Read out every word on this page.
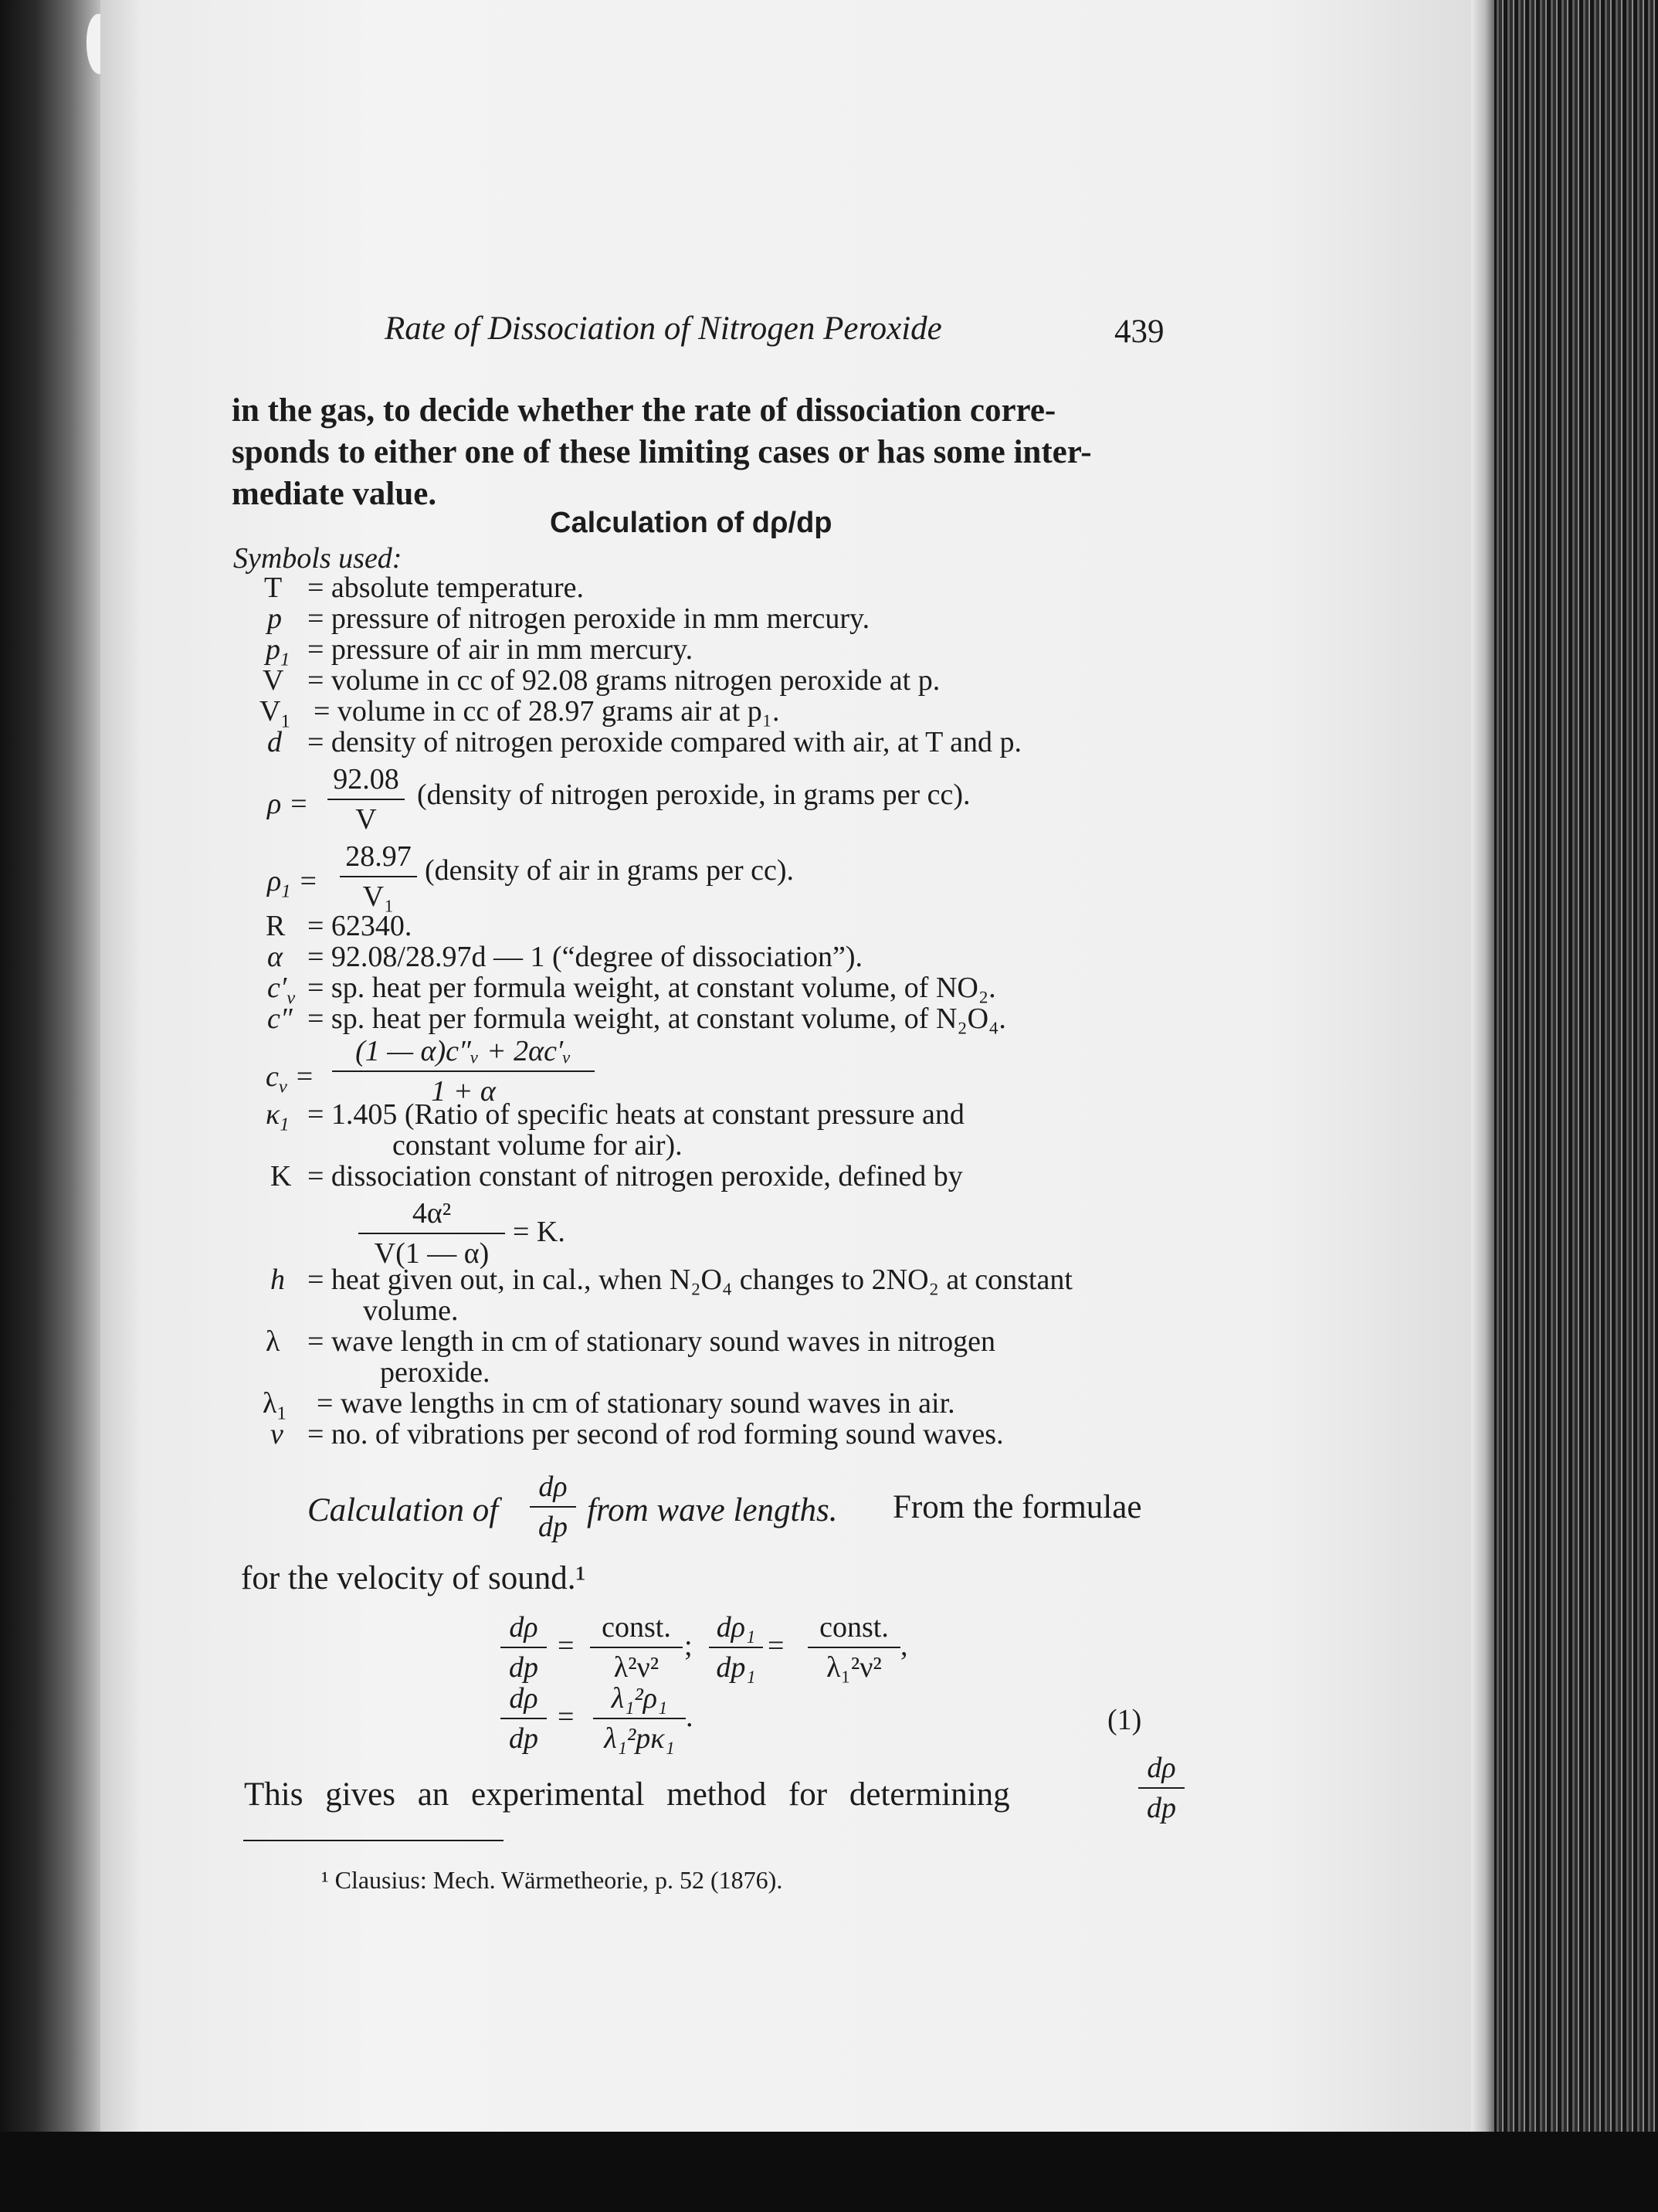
Rate of Dissociation of Nitrogen Peroxide	439
in the gas, to decide whether the rate of dissociation corre-
sponds to either one of these limiting cases or has some inter-
mediate value.
Calculation of dρ/dp
Symbols used:
T = absolute temperature.
p = pressure of nitrogen peroxide in mm mercury.
$p_1$ = pressure of air in mm mercury.
V = volume in cc of 92.08 grams nitrogen peroxide at p.
$V_1$ = volume in cc of 28.97 grams air at p₁.
d = density of nitrogen peroxide compared with air, at T and p.
ρ =
92.08
V
(density of nitrogen peroxide, in grams per cc).
$\rho_1$ =
28.97
V₁
(density of air in grams per cc).
R = 62340.
α = 92.08/28.97d — 1 (“degree of dissociation”).
$c'_v$ = sp. heat per formula weight, at constant volume, of NO₂.
c″ = sp. heat per formula weight, at constant volume, of N₂O₄.
$c_v$ =
(1 — α)c″ᵥ + 2αc′ᵥ
1 + α
$\kappa_1 = 1.405$ (Ratio of specific heats at constant pressure and
constant volume for air).
K = dissociation constant of nitrogen peroxide, defined by
4α²
V(1 — α)
= K.
h = heat given out, in cal., when N₂O₄ changes to 2NO₂ at constant
volume.
λ = wave length in cm of stationary sound waves in nitrogen
peroxide.
$\lambda_1$ = wave lengths in cm of stationary sound waves in air.
ν = no. of vibrations per second of rod forming sound waves.
Calculation of
dρ
dp from wave lengths. From the formulae
for the velocity of sound.¹
dρ
dp
=
const.
λ²ν²
;
dρ₁
dp₁
=
const.
λ₁²ν²
,
dρ
dp
=
λ₁²ρ₁
λ₁²pκ₁
.	(1)
This gives an experimental method for determining
dρ
dp
¹ Clausius: Mech. Wärmetheorie, p. 52 (1876).
